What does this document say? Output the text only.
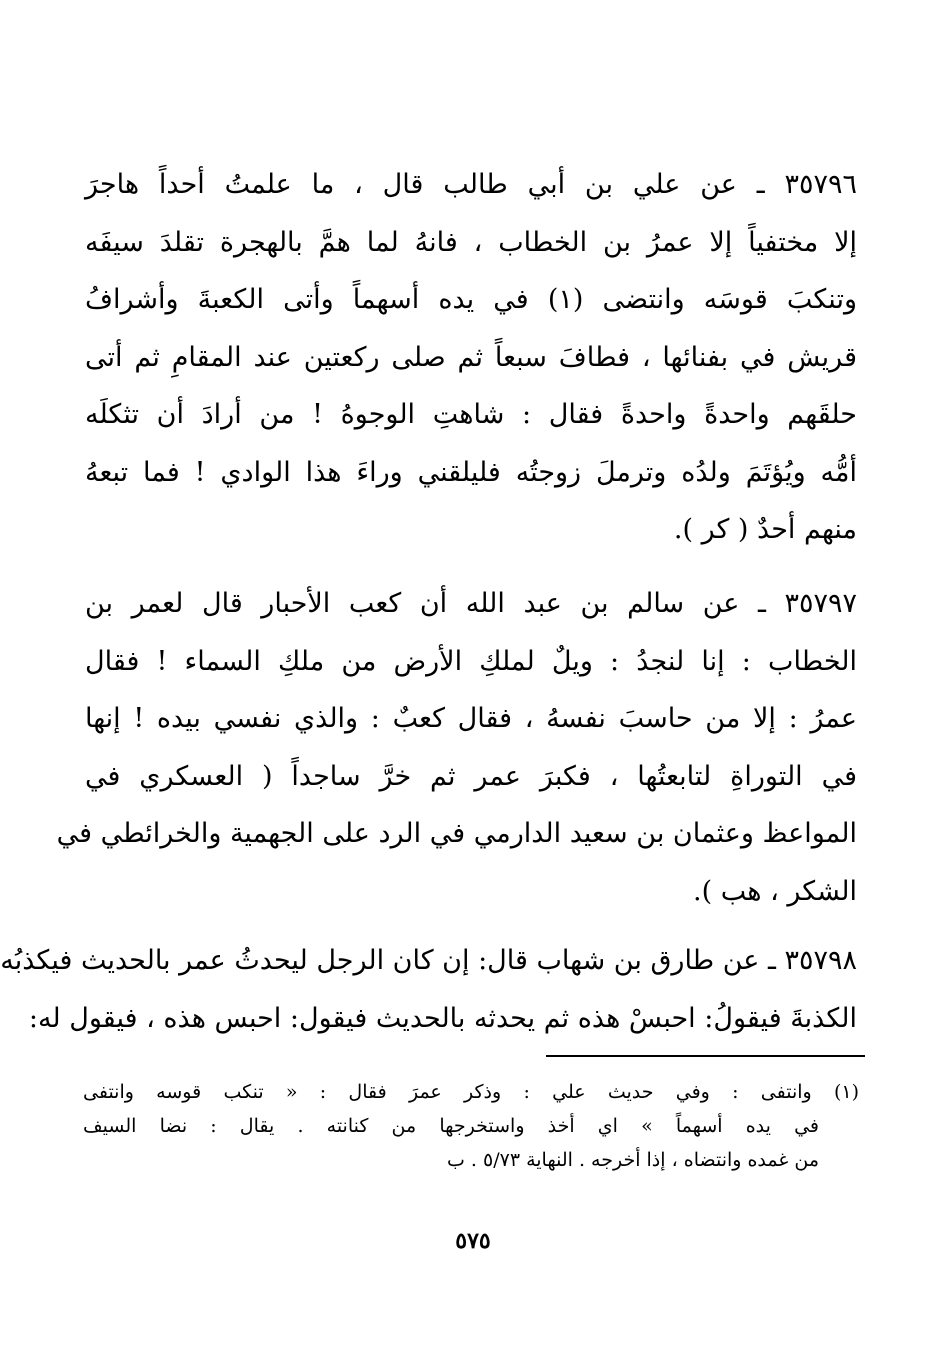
٣٥٧٩٦ ـ عن علي بن أبي طالب قال ، ما علمتُ أحداً هاجرَ
إلا مختفياً إلا عمرُ بن الخطاب ، فانهُ لما همَّ بالهجرة تقلدَ سيفَه
وتنكبَ قوسَه وانتضى (١) في يده أسهماً وأتى الكعبةَ وأشرافُ
قريش في بفنائها ، فطافَ سبعاً ثم صلى ركعتين عند المقامِ ثم أتى
حلقَهم واحدةً واحدةً فقال : شاهتِ الوجوهُ ! من أرادَ أن تثكلَه
أمُّه ويُؤتَمَ ولدُه وترملَ زوجتُه فليلقني وراءَ هذا الوادي ! فما تبعهُ
منهم أحدٌ ( كر ).
٣٥٧٩٧ ـ عن سالم بن عبد الله أن كعب الأحبار قال لعمر بن
الخطاب : إنا لنجدُ : ويلٌ لملكِ الأرض من ملكِ السماء ! فقال
عمرُ : إلا من حاسبَ نفسهُ ، فقال كعبٌ : والذي نفسي بيده ! إنها
في التوراةِ لتابعتُها ، فكبرَ عمر ثم خرَّ ساجداً ( العسكري في
المواعظ وعثمان بن سعيد الدارمي في الرد على الجهمية والخرائطي في
الشكر ، هب ).
٣٥٧٩٨ ـ عن طارق بن شهاب قال: إن كان الرجل ليحدثُ عمر بالحديث فيكذبُه
الكذبةَ فيقولُ: احبسْ هذه ثم يحدثه بالحديث فيقول: احبس هذه ، فيقول له:
(١) وانتفى : وفي حديث علي : وذكر عمرَ فقال : « تنكب قوسه وانتفى
في يده أسهماً » اي أخذ واستخرجها من كنانته . يقال : نضا السيف
من غمده وانتضاه ، إذا أخرجه . النهاية ٥/٧٣ . ب
٥٧٥
